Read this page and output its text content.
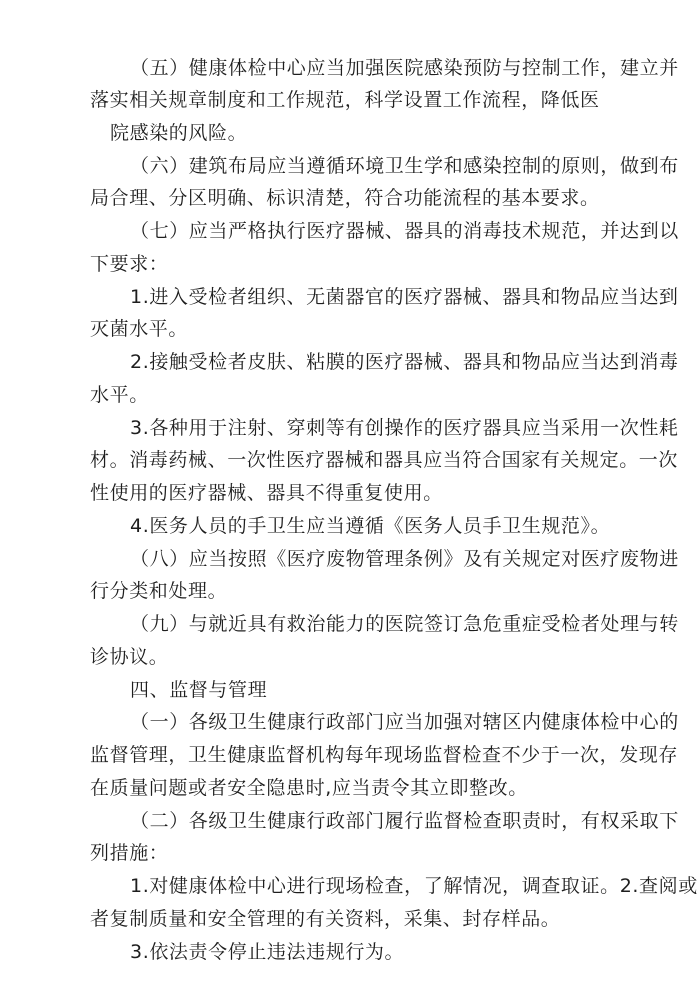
（五）健康体检中心应当加强医院感染预防与控制工作，建立并
落实相关规章制度和工作规范，科学设置工作流程，降低医
院感染的风险。
（六）建筑布局应当遵循环境卫生学和感染控制的原则，做到布
局合理、分区明确、标识清楚，符合功能流程的基本要求。
（七）应当严格执行医疗器械、器具的消毒技术规范，并达到以
下要求：
1.进入受检者组织、无菌器官的医疗器械、器具和物品应当达到
灭菌水平。
2.接触受检者皮肤、粘膜的医疗器械、器具和物品应当达到消毒
水平。
3.各种用于注射、穿刺等有创操作的医疗器具应当采用一次性耗
材。消毒药械、一次性医疗器械和器具应当符合国家有关规定。一次
性使用的医疗器械、器具不得重复使用。
4.医务人员的手卫生应当遵循《医务人员手卫生规范》。
（八）应当按照《医疗废物管理条例》及有关规定对医疗废物进
行分类和处理。
（九）与就近具有救治能力的医院签订急危重症受检者处理与转
诊协议。
四、监督与管理
（一）各级卫生健康行政部门应当加强对辖区内健康体检中心的
监督管理，卫生健康监督机构每年现场监督检查不少于一次，发现存
在质量问题或者安全隐患时,应当责令其立即整改。
（二）各级卫生健康行政部门履行监督检查职责时，有权采取下
列措施：
1.对健康体检中心进行现场检查，了解情况，调查取证。2.查阅或
者复制质量和安全管理的有关资料，采集、封存样品。
3.依法责令停止违法违规行为。
